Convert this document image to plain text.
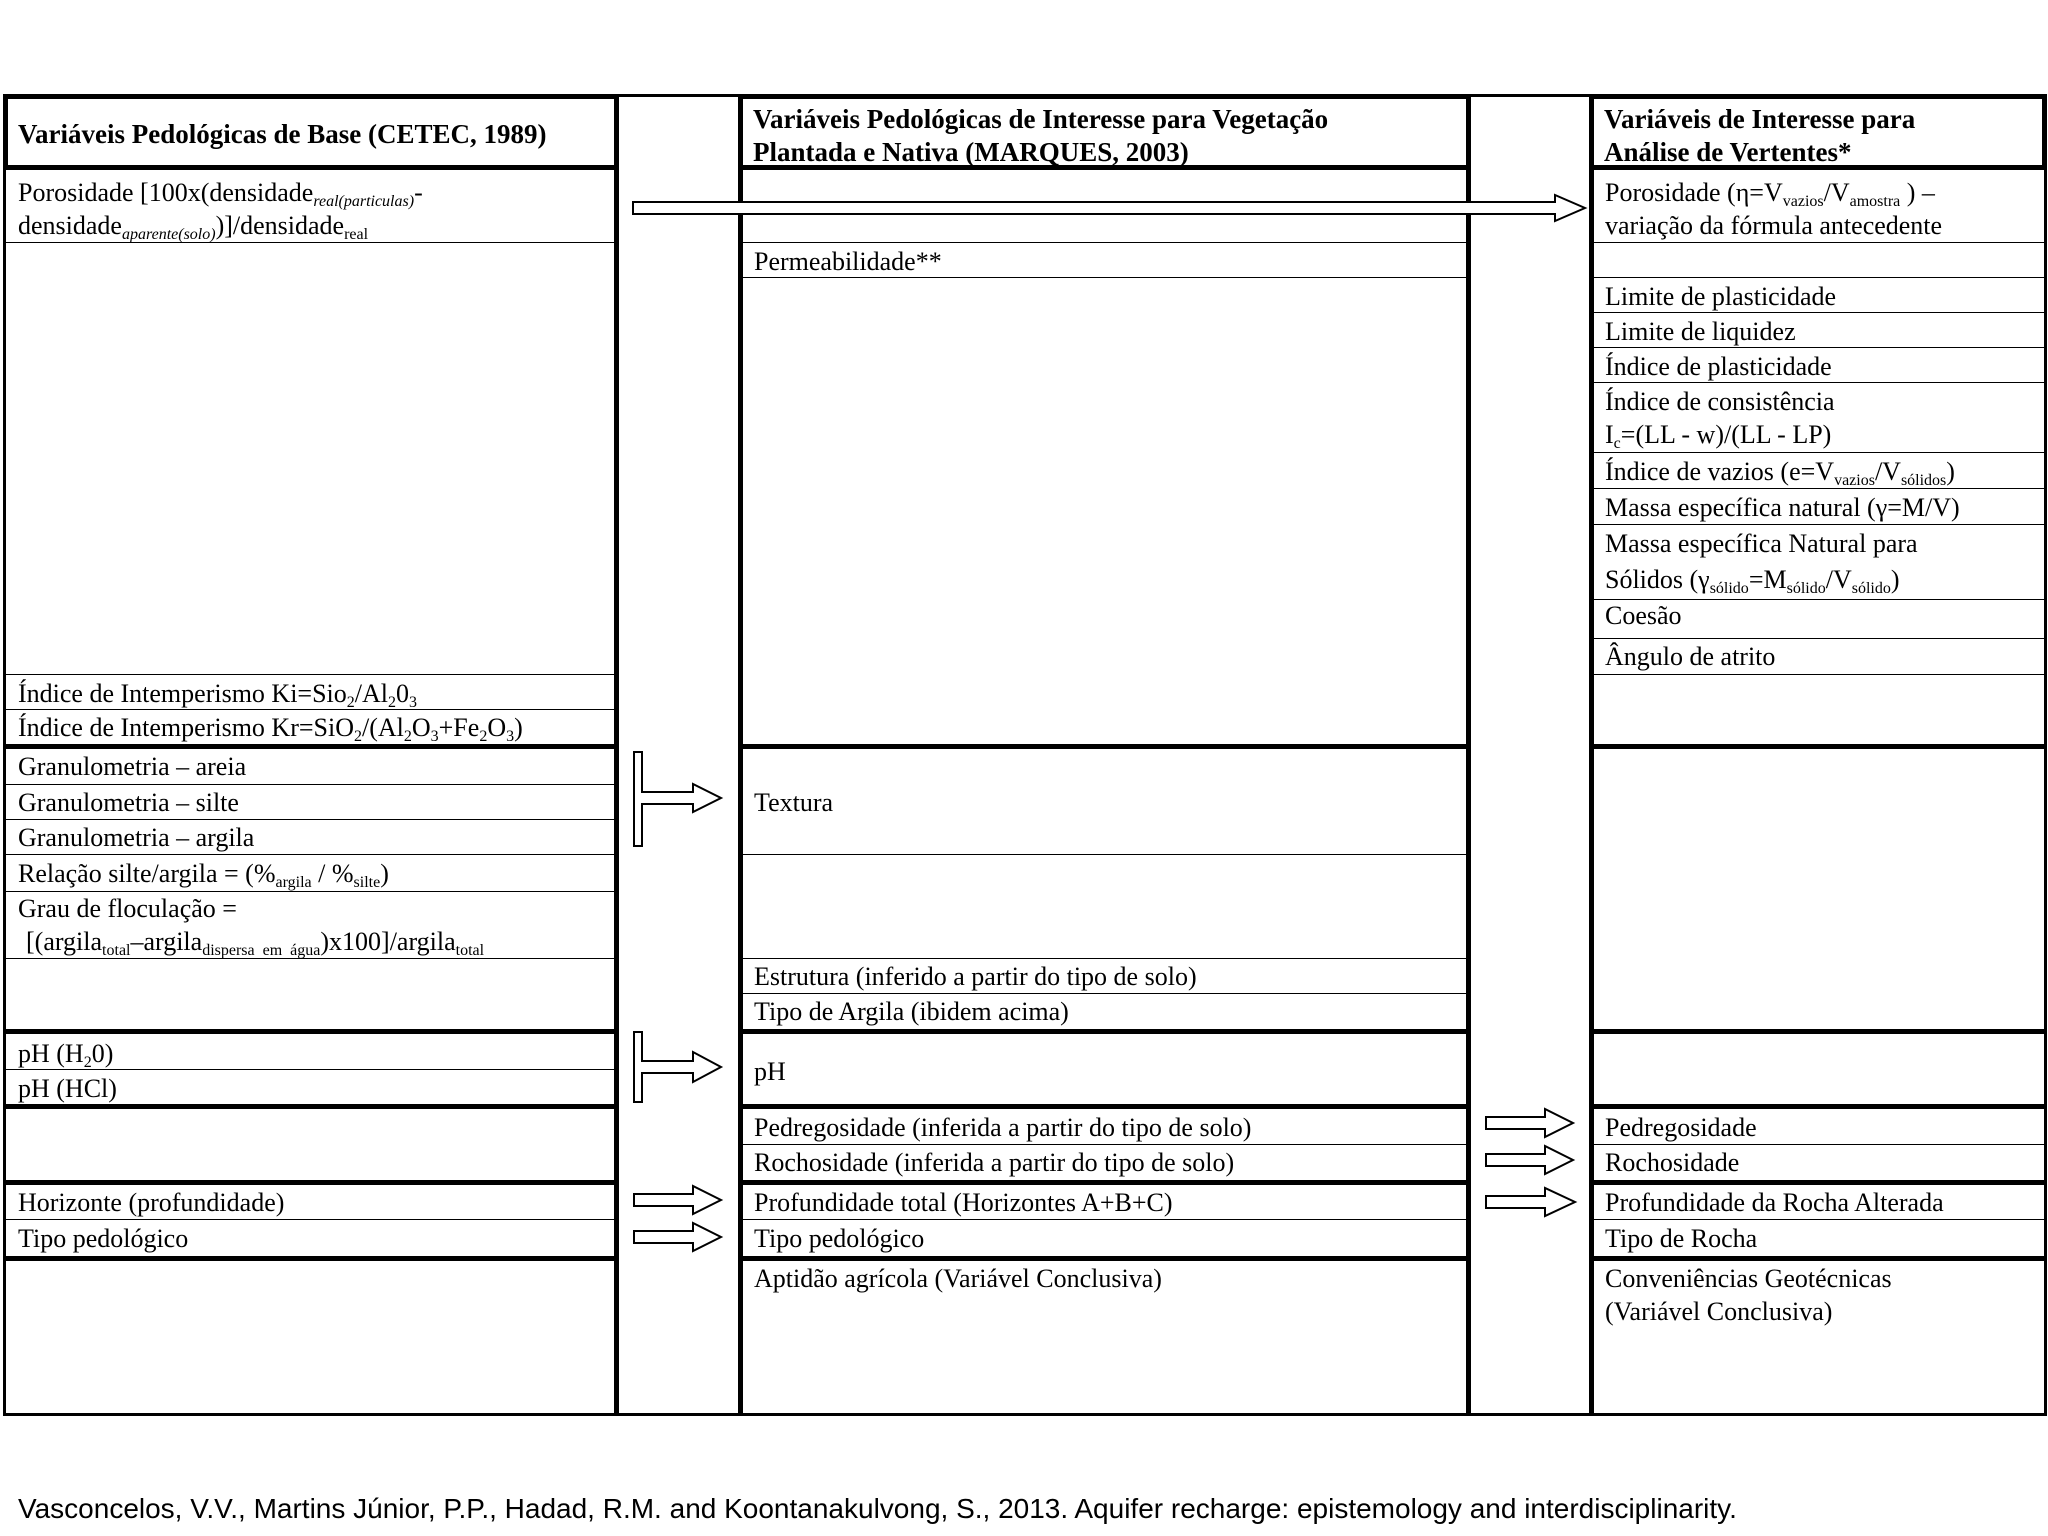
Variáveis Pedológicas de Base (CETEC, 1989)	Variáveis Pedológicas de Interesse para Vegetação
Plantada e Nativa (MARQUES, 2003)
Variáveis de Interesse para
Análise de Vertentes*
Porosidade [100x(densidade$_{real(particulas)}$-
densidade$_{aparente(solo)}$)]/densidade$_{real}$
Índice de Intemperismo $Ki=Sio_2/Al_20_3$
Índice de Intemperismo $Kr=SiO_2/(Al_2O_3+Fe_2O_3)$
Granulometria – areia
Granulometria – silte
Granulometria – argila
Relação silte/argila = $(\%_{argila} / \%_{silte})$
Grau de floculação =
[(argila$_{total}$–argila$_{dispersa em água}$)x100]/argila$_{total}$
pH $(H_20)$
pH (HCl)
Horizonte (profundidade)
Tipo pedológico
Permeabilidade**
Textura
Estrutura (inferido a partir do tipo de solo)
Tipo de Argila (ibidem acima)
pH
Pedregosidade (inferida a partir do tipo de solo)
Rochosidade (inferida a partir do tipo de solo)
Profundidade total (Horizontes A+B+C)
Tipo pedológico
Aptidão agrícola (Variável Conclusiva)
Porosidade ($\eta=V_{vazios}/V_{amostra}$ ) –
variação da fórmula antecedente
Limite de plasticidade
Limite de liquidez
Índice de plasticidade
Índice de consistência
$I_c=(LL - w)/(LL - LP)$
Índice de vazios $(e=V_{vazios}/V_{sólidos})$
Massa específica natural (γ=M/V)
Massa específica Natural para
Sólidos $(\gamma_{sólido}=M_{sólido}/V_{sólido})$
Coesão
Ângulo de atrito
Pedregosidade
Rochosidade
Profundidade da Rocha Alterada
Tipo de Rocha
Conveniências Geotécnicas
(Variável Conclusiva)
Vasconcelos, V.V., Martins Júnior, P.P., Hadad, R.M. and Koontanakulvong, S., 2013. Aquifer recharge: epistemology and interdisciplinarity.
